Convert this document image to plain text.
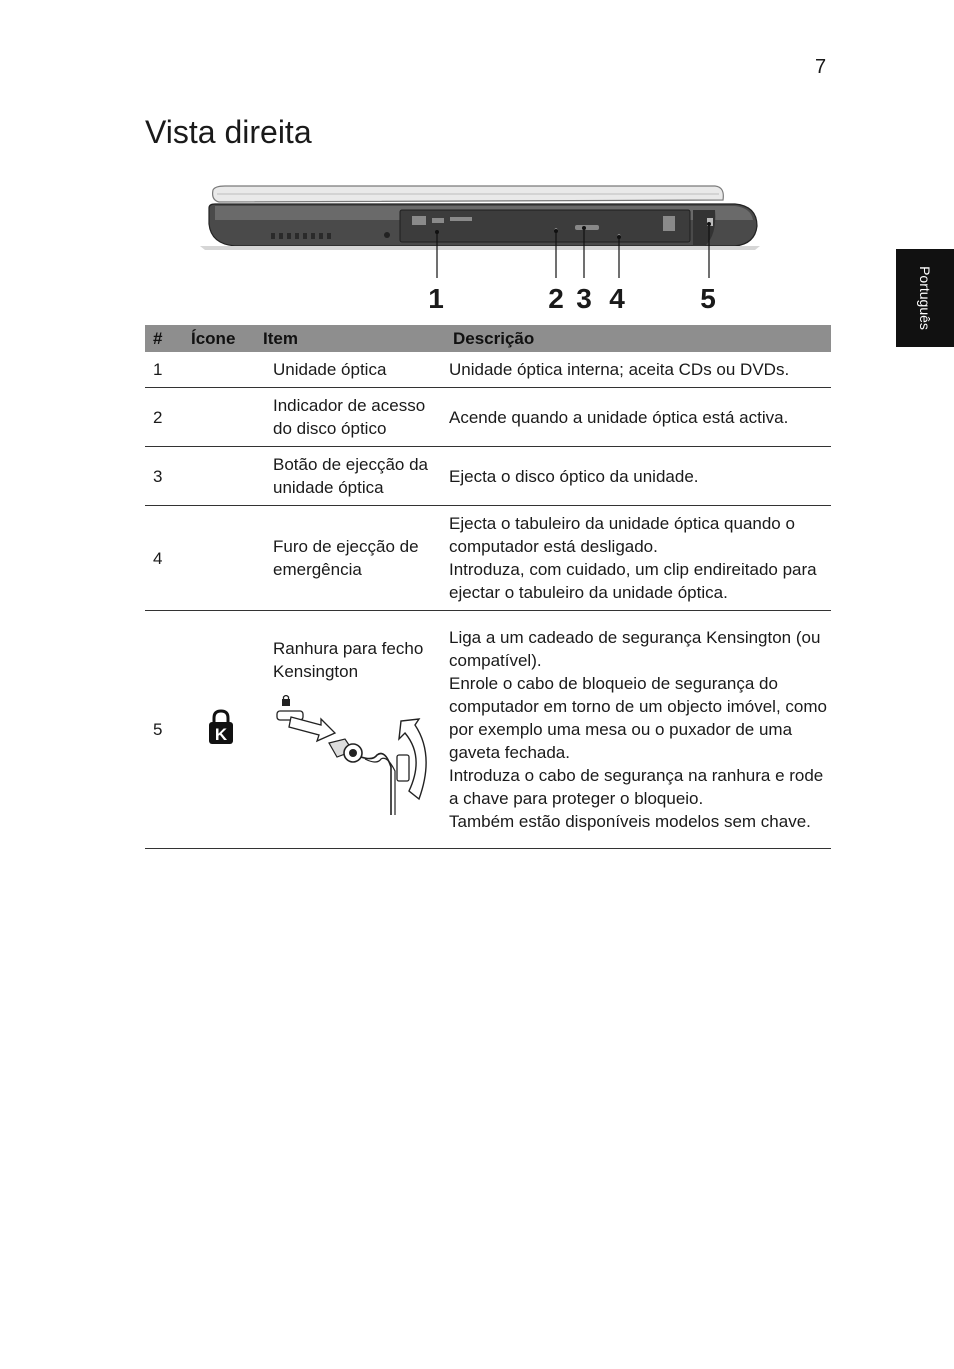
7
Vista direita
Português
1	2 3 4	5
#	Ícone	Item	Descrição
1		Unidade óptica	Unidade óptica interna; aceita CDs ou DVDs.

2		Indicador de acesso do disco óptico	Acende quando a unidade óptica está activa.

3		Botão de ejecção da unidade óptica	Ejecta o disco óptico da unidade.

4		Furo de ejecção de emergência	Ejecta o tabuleiro da unidade óptica quando o computador está desligado.
Introduza, com cuidado, um clip endireitado para ejectar o tabuleiro da unidade óptica.

5	K	Ranhura para fecho Kensington	Liga a um cadeado de segurança Kensington (ou compatível).
Enrole o cabo de bloqueio de segurança do computador em torno de um objecto imóvel, como por exemplo uma mesa ou o puxador de uma gaveta fechada.
Introduza o cabo de segurança na ranhura e rode a chave para proteger o bloqueio.
Também estão disponíveis modelos sem chave.
